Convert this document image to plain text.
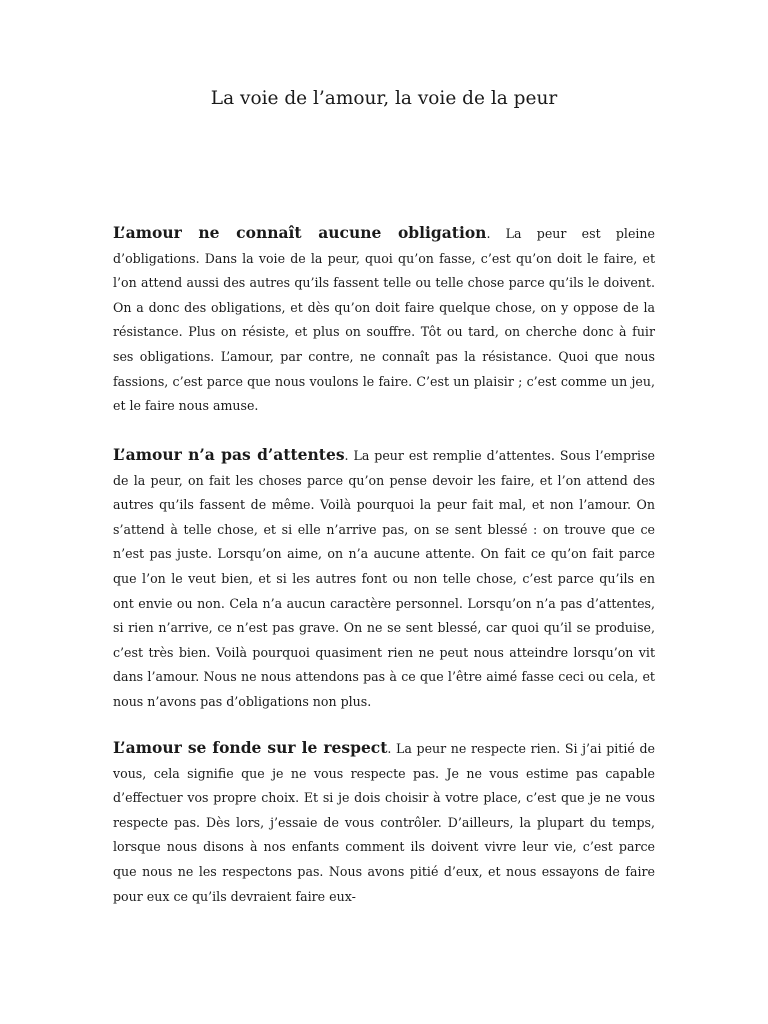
La voie de l’amour, la voie de la peur

L’amour ne connaît aucune obligation. La peur est pleine d’obligations. Dans la voie de la peur, quoi qu’on fasse, c’est qu’on doit le faire, et l’on attend aussi des autres qu’ils fassent telle ou telle chose parce qu’ils le doivent. On a donc des obligations, et dès qu’on doit faire quelque chose, on y oppose de la résistance. Plus on résiste, et plus on souffre. Tôt ou tard, on cherche donc à fuir ses obligations. L’amour, par contre, ne connaît pas la résistance. Quoi que nous fassions, c’est parce que nous voulons le faire. C’est un plaisir ; c’est comme un jeu, et le faire nous amuse.

L’amour n’a pas d’attentes. La peur est remplie d’attentes. Sous l’emprise de la peur, on fait les choses parce qu’on pense devoir les faire, et l’on attend des autres qu’ils fassent de même. Voilà pourquoi la peur fait mal, et non l’amour. On s’attend à telle chose, et si elle n’arrive pas, on se sent blessé : on trouve que ce n’est pas juste. Lorsqu’on aime, on n’a aucune attente. On fait ce qu’on fait parce que l’on le veut bien, et si les autres font ou non telle chose, c’est parce qu’ils en ont envie ou non. Cela n’a aucun caractère personnel. Lorsqu’on n’a pas d’attentes, si rien n’arrive, ce n’est pas grave. On ne se sent blessé, car quoi qu’il se produise, c’est très bien. Voilà pourquoi quasiment rien ne peut nous atteindre lorsqu’on vit dans l’amour. Nous ne nous attendons pas à ce que l’être aimé fasse ceci ou cela, et nous n’avons pas d’obligations non plus.

L’amour se fonde sur le respect. La peur ne respecte rien. Si j’ai pitié de vous, cela signifie que je ne vous respecte pas. Je ne vous estime pas capable d’effectuer vos propre choix. Et si je dois choisir à votre place, c’est que je ne vous respecte pas. Dès lors, j’essaie de vous contrôler. D’ailleurs, la plupart du temps, lorsque nous disons à nos enfants comment ils doivent vivre leur vie, c’est parce que nous ne les respectons pas. Nous avons pitié d’eux, et nous essayons de faire pour eux ce qu’ils devraient faire eux-
